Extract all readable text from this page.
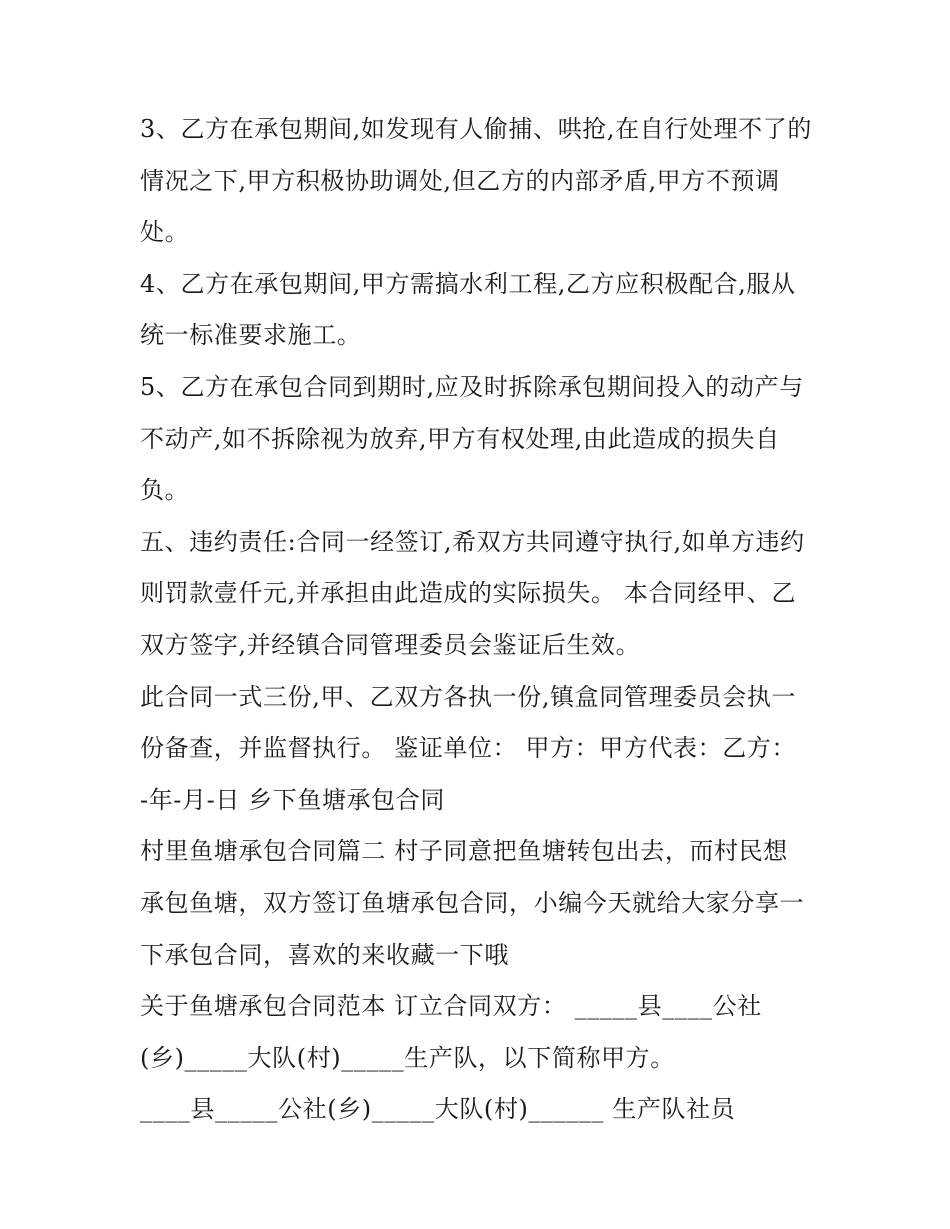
3、乙方在承包期间,如发现有人偷捕、哄抢,在自行处理不了的
情况之下,甲方积极协助调处,但乙方的内部矛盾,甲方不预调
处。
4、乙方在承包期间,甲方需搞水利工程,乙方应积极配合,服从
统一标准要求施工。
5、乙方在承包合同到期时,应及时拆除承包期间投入的动产与
不动产,如不拆除视为放弃,甲方有权处理,由此造成的损失自
负。
五、违约责任:合同一经签订,希双方共同遵守执行,如单方违约
则罚款壹仟元,并承担由此造成的实际损失。 本合同经甲、乙
双方签字,并经镇合同管理委员会鉴证后生效。
此合同一式三份,甲、乙双方各执一份,镇盒同管理委员会执一
份备查，并监督执行。 鉴证单位： 甲方：甲方代表：乙方：
-年-月-日 乡下鱼塘承包合同
村里鱼塘承包合同篇二 村子同意把鱼塘转包出去，而村民想
承包鱼塘，双方签订鱼塘承包合同，小编今天就给大家分享一
下承包合同，喜欢的来收藏一下哦
关于鱼塘承包合同范本 订立合同双方： _____县____公社
(乡)_____大队(村)_____生产队，以下简称甲方。
____县_____公社(乡)_____大队(村)______ 生产队社员
